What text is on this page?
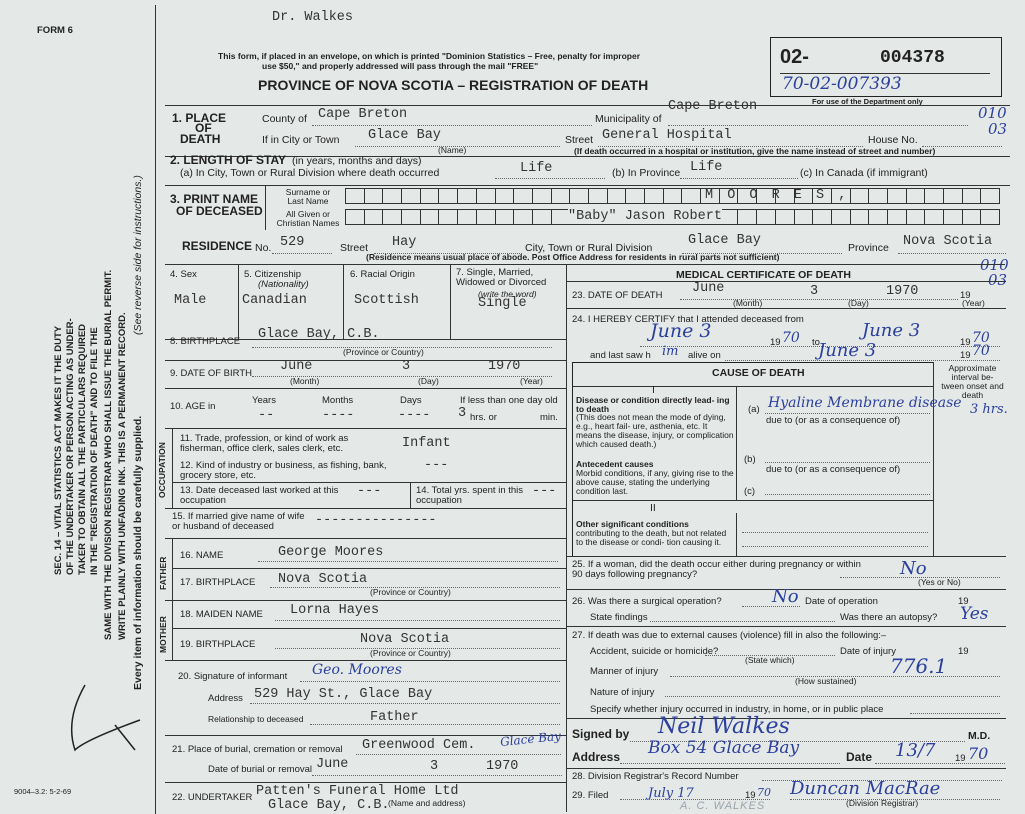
FORM 6
SEC. 14 – VITAL STATISTICS ACT MAKES IT THE DUTY OF THE UNDERTAKER OR PERSON ACTING AS UNDER- TAKER TO OBTAIN ALL THE PARTICULARS REQUIRED IN THE "REGISTRATION OF DEATH" AND TO FILE THE SAME WITH THE DIVISION REGISTRAR WHO SHALL ISSUE THE BURIAL PERMIT. WRITE PLAINLY WITH UNFADING INK. THIS IS A PERMANENT RECORD. Every item of information should be carefully supplied.
(See reverse side for instructions.)
9004–3.2: 5-2-69
Dr. Walkes
This form, if placed in an envelope, on which is printed "Dominion Statistics – Free, penalty for improper
use $50," and properly addressed will pass through the mail "FREE"
PROVINCE OF NOVA SCOTIA – REGISTRATION OF DEATH
02-	004378
70-02-007393
For use of the Department only
010
03
010
03
1. PLACE
OF
DEATH
County of Cape Breton	Municipality of
Cape Breton
If in City or Town Glace Bay
(Name)
Street General Hospital	House No.
(If death occurred in a hospital or institution, give the name instead of street and number)
2. LENGTH OF STAY (in years, months and days)
(a) In City, Town or Rural Division where death occurred	Life	(b) In Province Life	(c) In Canada (if immigrant)
3. PRINT NAME
OF DECEASED
Surname or Last Name
All Given or Christian Names
M O O R E S ,
"Baby" Jason Robert
RESIDENCE No. 529	Street Hay	City, Town or Rural Division	Glace Bay	Province Nova Scotia
(Residence means usual place of abode. Post Office Address for residents in rural parts not sufficient)
4. Sex
Male
5. Citizenship
(Nationality)
Canadian
6. Racial Origin
Scottish
7. Single, Married, Widowed or Divorced
(write the word)
Single
8. BIRTHPLACE Glace Bay, C.B.
(Province or Country)
9. DATE OF BIRTH June	3	1970
(Month)	(Day)	(Year)
10. AGE in
Years	Months	Days
--	----	----
If less than one day old
3 hrs. or	min.
OCCUPATION
11. Trade, profession, or kind of work as fisherman, office clerk, sales clerk, etc.	Infant
12. Kind of industry or business, as fishing, bank, grocery store, etc.
---
13. Date deceased last worked at this occupation
---	14. Total yrs. spent in this occupation
---
15. If married give name of wife or husband of deceased	---------------
FATHER
16. NAME	George Moores
17. BIRTHPLACE Nova Scotia
(Province or Country)
MOTHER
18. MAIDEN NAME Lorna Hayes
19. BIRTHPLACE	Nova Scotia
(Province or Country)
20. Signature of informant Geo. Moores
Address 529 Hay St., Glace Bay
Relationship to deceased	Father
21. Place of burial, cremation or removal Greenwood Cem. Glace Bay
Date of burial or removal June	3	1970
22. UNDERTAKER Patten's Funeral Home Ltd
Glace Bay, C.B.
(Name and address)
MEDICAL CERTIFICATE OF DEATH
23. DATE OF DEATH June	3	1970	19
(Month)	(Day)	(Year)
24. I HEREBY CERTIFY that I attended deceased from
June 3
19 70 to
June 3
19 70
and last saw h im alive on	June 3	19 70
CAUSE OF DEATH	Approximate interval be- tween onset and death
I
Disease or condition directly lead- ing to death
(This does not mean the mode of dying, e.g., heart fail- ure, asthenia, etc. It means the disease, injury, or complication which caused death.)
(a) Hyaline Membrane disease 3 hrs.
due to (or as a consequence of)
Antecedent causes
Morbid conditions, if any, giving rise to the above cause, stating the underlying condition last.
(b)
due to (or as a consequence of)
(c)
II
Other significant conditions
contributing to the death, but not related to the disease or condi- tion causing it.
25. If a woman, did the death occur either during pregnancy or within 90 days following pregnancy?	No
(Yes or No)
26. Was there a surgical operation?	No Date of operation	19
State findings	Was there an autopsy? Yes
27. If death was due to external causes (violence) fill in also the following:–
Accident, suicide or homicide?	Date of injury	19
(State which)
Manner of injury	776.1
(How sustained)
Nature of injury
Specify whether injury occurred in industry, in home, or in public place
Signed by Neil Walkes	M.D.
Address Box 54 Glace Bay	Date 13/7 19 70
28. Division Registrar's Record Number
29. Filed	July 17	19 70
A. C. WALKES
Duncan MacRae
(Division Registrar)
